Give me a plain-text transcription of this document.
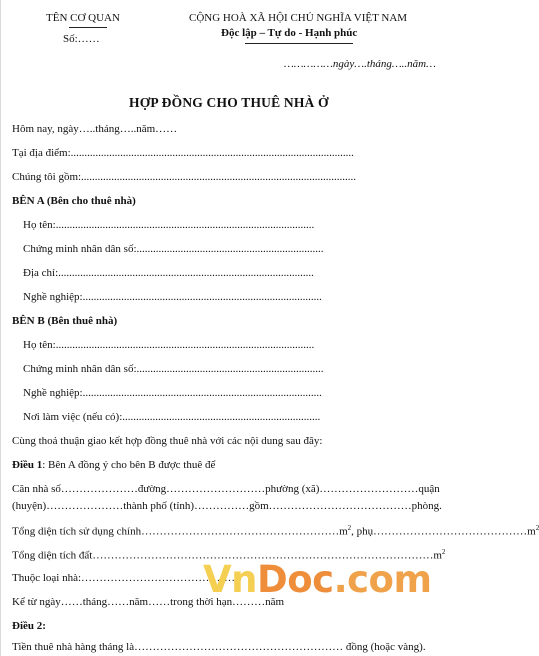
TÊN CƠ QUAN
Số:……
CỘNG HOÀ XÃ HỘI CHỦ NGHĨA VIỆT NAM
Độc lập – Tự do - Hạnh phúc
……………ngày….tháng…..năm…
HỢP ĐỒNG CHO THUÊ NHÀ Ở
Hôm nay, ngày…..tháng…..năm……
Tại địa điểm:.......................................................................................................
Chúng tôi gồm:....................................................................................................
BÊN A (Bên cho thuê nhà)
Họ tên:..............................................................................................
Chứng minh nhân dân số:....................................................................
Địa chỉ:.............................................................................................
Nghề nghiệp:.......................................................................................
BÊN B (Bên thuê nhà)
Họ tên:..............................................................................................
Chứng minh nhân dân số:....................................................................
Nghề nghiệp:.......................................................................................
Nơi làm việc (nếu có):........................................................................
Cùng thoả thuận giao kết hợp đồng thuê nhà với các nội dung sau đây:
Điều 1: Bên A đồng ý cho bên B được thuê để
Căn nhà số…………………đường………………………phường (xã)………………………quận
(huyện)…………………thành phố (tỉnh)……………gồm…………………………………phòng.
Tổng diện tích sử dụng $chính\dots\dots\dots\dots\dots\dots\dots\dots\dots\dots\dots\dots\dots\dots\dots\dots\dots\dots m^2$, $phụ\dots\dots\dots\dots\dots\dots\dots\dots\dots\dots\dots\dots\dots\dots m^2$
Tổng diện tích $đất\dots\dots\dots\dots\dots\dots\dots\dots\dots\dots\dots\dots\dots\dots\dots\dots\dots\dots\dots\dots\dots\dots\dots\dots\dots\dots\dots\dots\dots\dots\dots m^2$
Thuộc loại nhà:……………………………………
Kể từ ngày……tháng……năm……trong thời hạn………năm
Điều 2:
Tiền thuê nhà hàng tháng là………………………………………………… đồng (hoặc vàng).
VnDoc.com
